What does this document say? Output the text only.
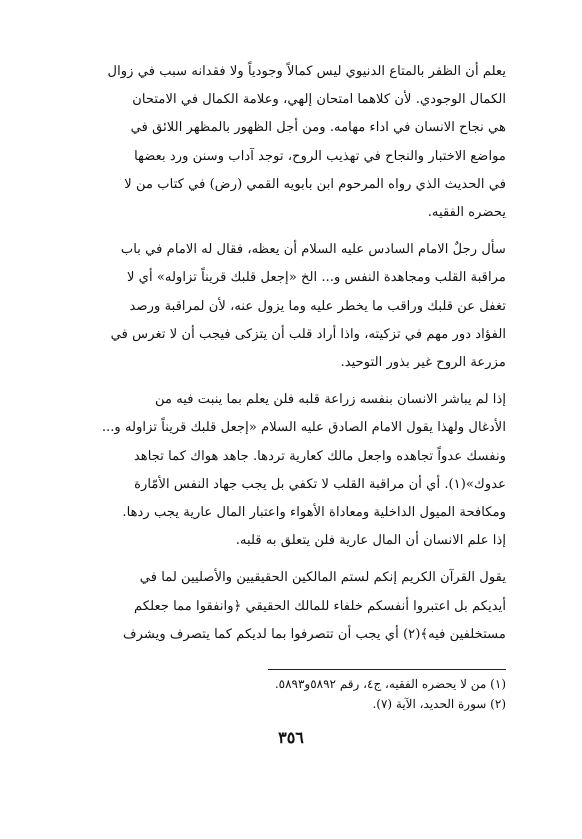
يعلم أن الظفر بالمتاع الدنيوي ليس كمالاً وجودياً ولا فقدانه سبب في زوال
الكمال الوجودي. لأن كلاهما امتحان إلهي، وعلامة الكمال في الامتحان
هي نجاح الانسان في اداء مهامه. ومن أجل الظهور بالمظهر اللائق في
مواضع الاختبار والنجاح في تهذيب الروح، توجد آداب وسنن ورد بعضها
في الحديث الذي رواه المرحوم ابن بابويه القمي (رض) في كتاب من لا
يحضره الفقيه.

سأل رجلٌ الامام السادس عليه السلام أن يعظه، فقال له الامام في باب
مراقبة القلب ومجاهدة النفس و... الخ «إجعل قلبك قريناً تزاوله» أي لا
تغفل عن قلبك وراقب ما يخطر عليه وما يزول عنه، لأن لمراقبة ورصد
الفؤاد دور مهم في تزكيته، واذا أراد قلب أن يتزكى فيجب أن لا تغرس في
مزرعة الروح غير بذور التوحيد.

إذا لم يباشر الانسان بنفسه زراعة قلبه فلن يعلم بما ينبت فيه من
الأدغال ولهذا يقول الامام الصادق عليه السلام «إجعل قلبك قريناً تزاوله و...
ونفسك عدواً تجاهده واجعل مالك كعارية تردها. جاهد هواك كما تجاهد
عدوك»(١). أي أن مراقبة القلب لا تكفي بل يجب جهاد النفس الأمّارة
ومكافحة الميول الداخلية ومعاداة الأهواء واعتبار المال عارية يجب ردها.
إذا علم الانسان أن المال عارية فلن يتعلق به قلبه.

يقول القرآن الكريم إنكم لستم المالكين الحقيقيين والأصليين لما في
أيديكم بل اعتبروا أنفسكم خلفاء للمالك الحقيقي ﴿وانفقوا مما جعلكم
مستخلفين فيه﴾(٢) أي يجب أن تتصرفوا بما لديكم كما يتصرف ويشرف

(١) من لا يحضره الفقيه، ج٤، رقم ٥٨٩٢و٥٨٩٣.
(٢) سورة الحديد، الآية (٧).
٣٥٦
